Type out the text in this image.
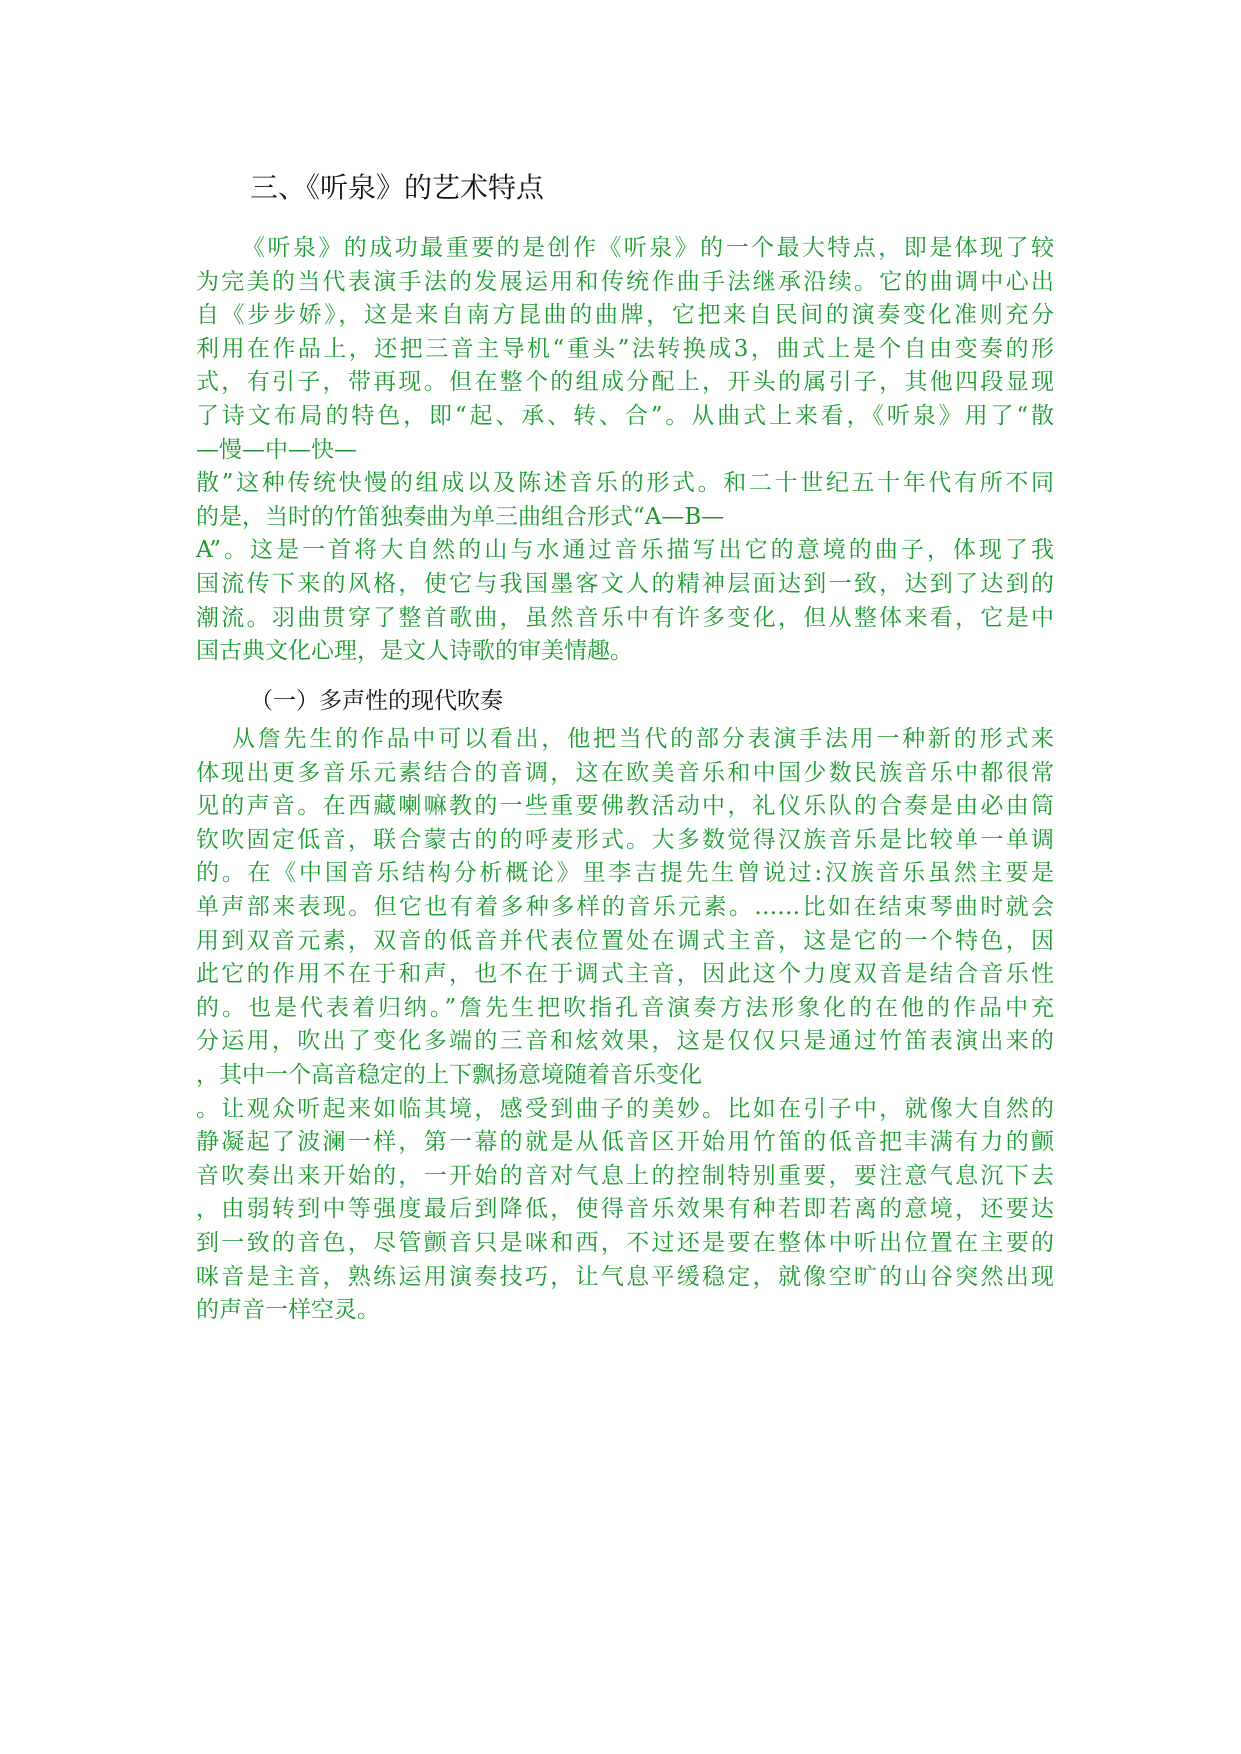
三、《听泉》的艺术特点
《听泉》的成功最重要的是创作《听泉》的一个最大特点，即是体现了较
为完美的当代表演手法的发展运用和传统作曲手法继承沿续。它的曲调中心出
自《步步娇》，这是来自南方昆曲的曲牌，它把来自民间的演奏变化准则充分
利用在作品上，还把三音主导机“重头”法转换成3，曲式上是个自由变奏的形
式，有引子，带再现。但在整个的组成分配上，开头的属引子，其他四段显现
了诗文布局的特色，即“起、承、转、合”。从曲式上来看，《听泉》用了“散
—慢—中—快—
散”这种传统快慢的组成以及陈述音乐的形式。和二十世纪五十年代有所不同
的是，当时的竹笛独奏曲为单三曲组合形式“A—B—
A”。这是一首将大自然的山与水通过音乐描写出它的意境的曲子，体现了我
国流传下来的风格，使它与我国墨客文人的精神层面达到一致，达到了达到的
潮流。羽曲贯穿了整首歌曲，虽然音乐中有许多变化，但从整体来看，它是中
国古典文化心理，是文人诗歌的审美情趣。
（一）多声性的现代吹奏
从詹先生的作品中可以看出，他把当代的部分表演手法用一种新的形式来
体现出更多音乐元素结合的音调，这在欧美音乐和中国少数民族音乐中都很常
见的声音。在西藏喇嘛教的一些重要佛教活动中，礼仪乐队的合奏是由必由筒
钦吹固定低音，联合蒙古的的呼麦形式。大多数觉得汉族音乐是比较单一单调
的。在《中国音乐结构分析概论》里李吉提先生曾说过:汉族音乐虽然主要是
单声部来表现。但它也有着多种多样的音乐元素。……比如在结束琴曲时就会
用到双音元素，双音的低音并代表位置处在调式主音，这是它的一个特色，因
此它的作用不在于和声，也不在于调式主音，因此这个力度双音是结合音乐性
的。也是代表着归纳。”詹先生把吹指孔音演奏方法形象化的在他的作品中充
分运用，吹出了变化多端的三音和炫效果，这是仅仅只是通过竹笛表演出来的
，其中一个高音稳定的上下飘扬意境随着音乐变化
。让观众听起来如临其境，感受到曲子的美妙。比如在引子中，就像大自然的
静凝起了波澜一样，第一幕的就是从低音区开始用竹笛的低音把丰满有力的颤
音吹奏出来开始的，一开始的音对气息上的控制特别重要，要注意气息沉下去
，由弱转到中等强度最后到降低，使得音乐效果有种若即若离的意境，还要达
到一致的音色，尽管颤音只是咪和西，不过还是要在整体中听出位置在主要的
咪音是主音，熟练运用演奏技巧，让气息平缓稳定，就像空旷的山谷突然出现
的声音一样空灵。
